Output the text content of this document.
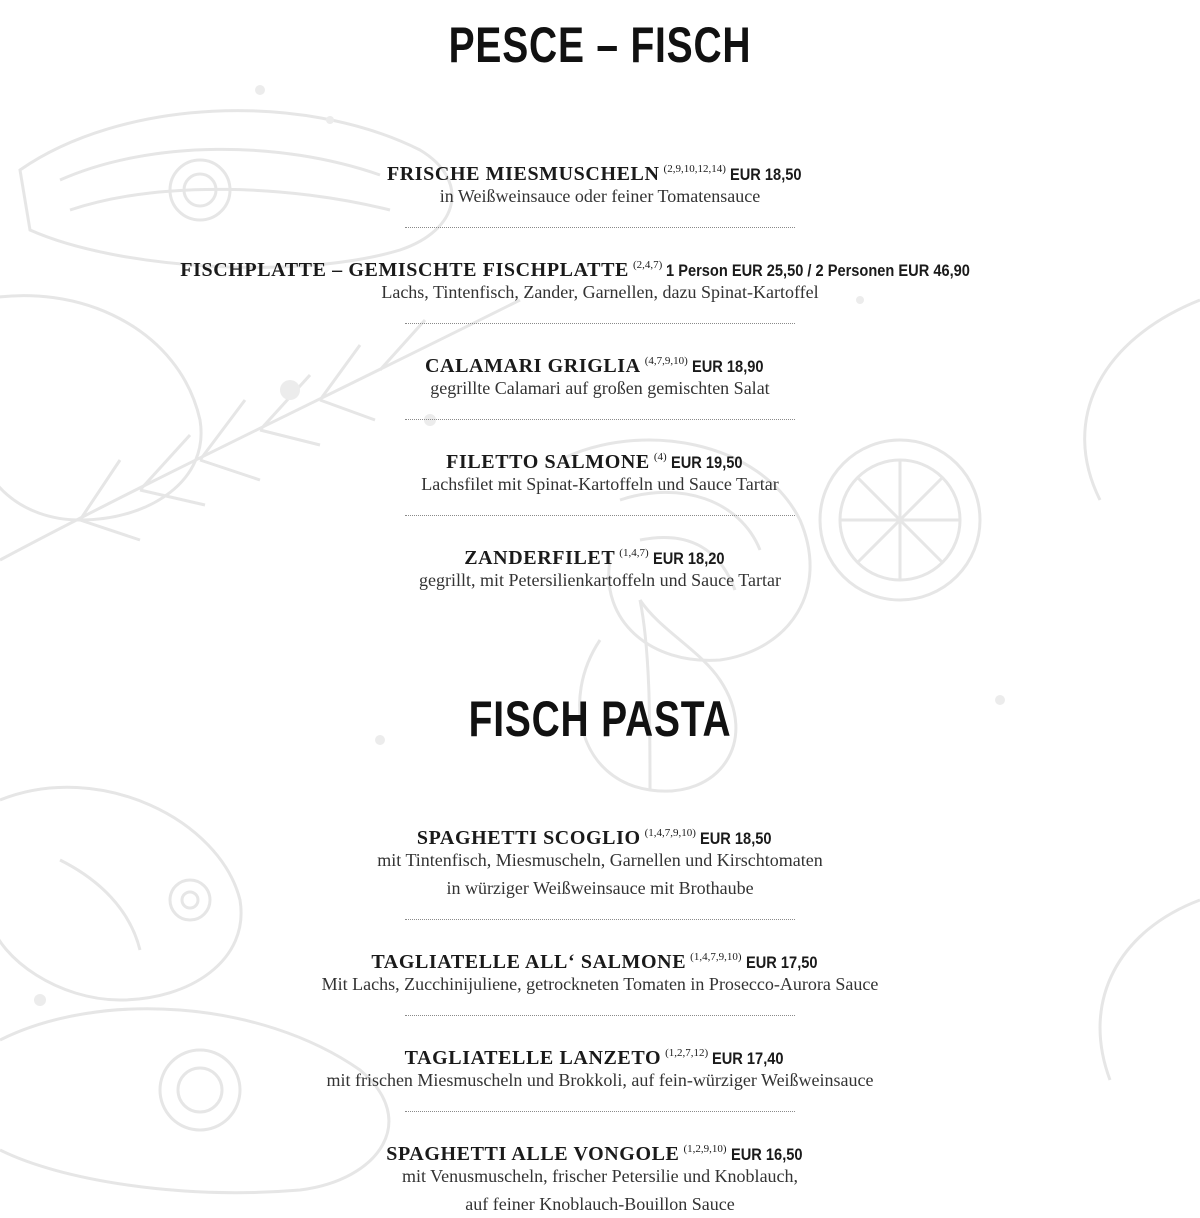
PESCE – FISCH
FRISCHE MIESMUSCHELN $^{(2,9,10,12,14)}$ EUR 18,50
in Weißweinsauce oder feiner Tomatensauce
FISCHPLATTE – GEMISCHTE FISCHPLATTE $^{(2,4,7)}$ 1 Person EUR 25,50 / 2 Personen EUR 46,90
Lachs, Tintenfisch, Zander, Garnellen, dazu Spinat-Kartoffel
CALAMARI GRIGLIA $^{(4,7,9,10)}$ EUR 18,90
gegrillte Calamari auf großen gemischten Salat
FILETTO SALMONE $^{(4)}$ EUR 19,50
Lachsfilet mit Spinat-Kartoffeln und Sauce Tartar
ZANDERFILET $^{(1,4,7)}$ EUR 18,20
gegrillt, mit Petersilienkartoffeln und Sauce Tartar
FISCH PASTA
SPAGHETTI SCOGLIO $^{(1,4,7,9,10)}$ EUR 18,50
mit Tintenfisch, Miesmuscheln, Garnellen und Kirschtomaten
in würziger Weißweinsauce mit Brothaube
TAGLIATELLE ALL‘ SALMONE $^{(1,4,7,9,10)}$ EUR 17,50
Mit Lachs, Zucchinijuliene, getrockneten Tomaten in Prosecco-Aurora Sauce
TAGLIATELLE LANZETO $^{(1,2,7,12)}$ EUR 17,40
mit frischen Miesmuscheln und Brokkoli, auf fein-würziger Weißweinsauce
SPAGHETTI ALLE VONGOLE $^{(1,2,9,10)}$ EUR 16,50
mit Venusmuscheln, frischer Petersilie und Knoblauch,
auf feiner Knoblauch-Bouillon Sauce
